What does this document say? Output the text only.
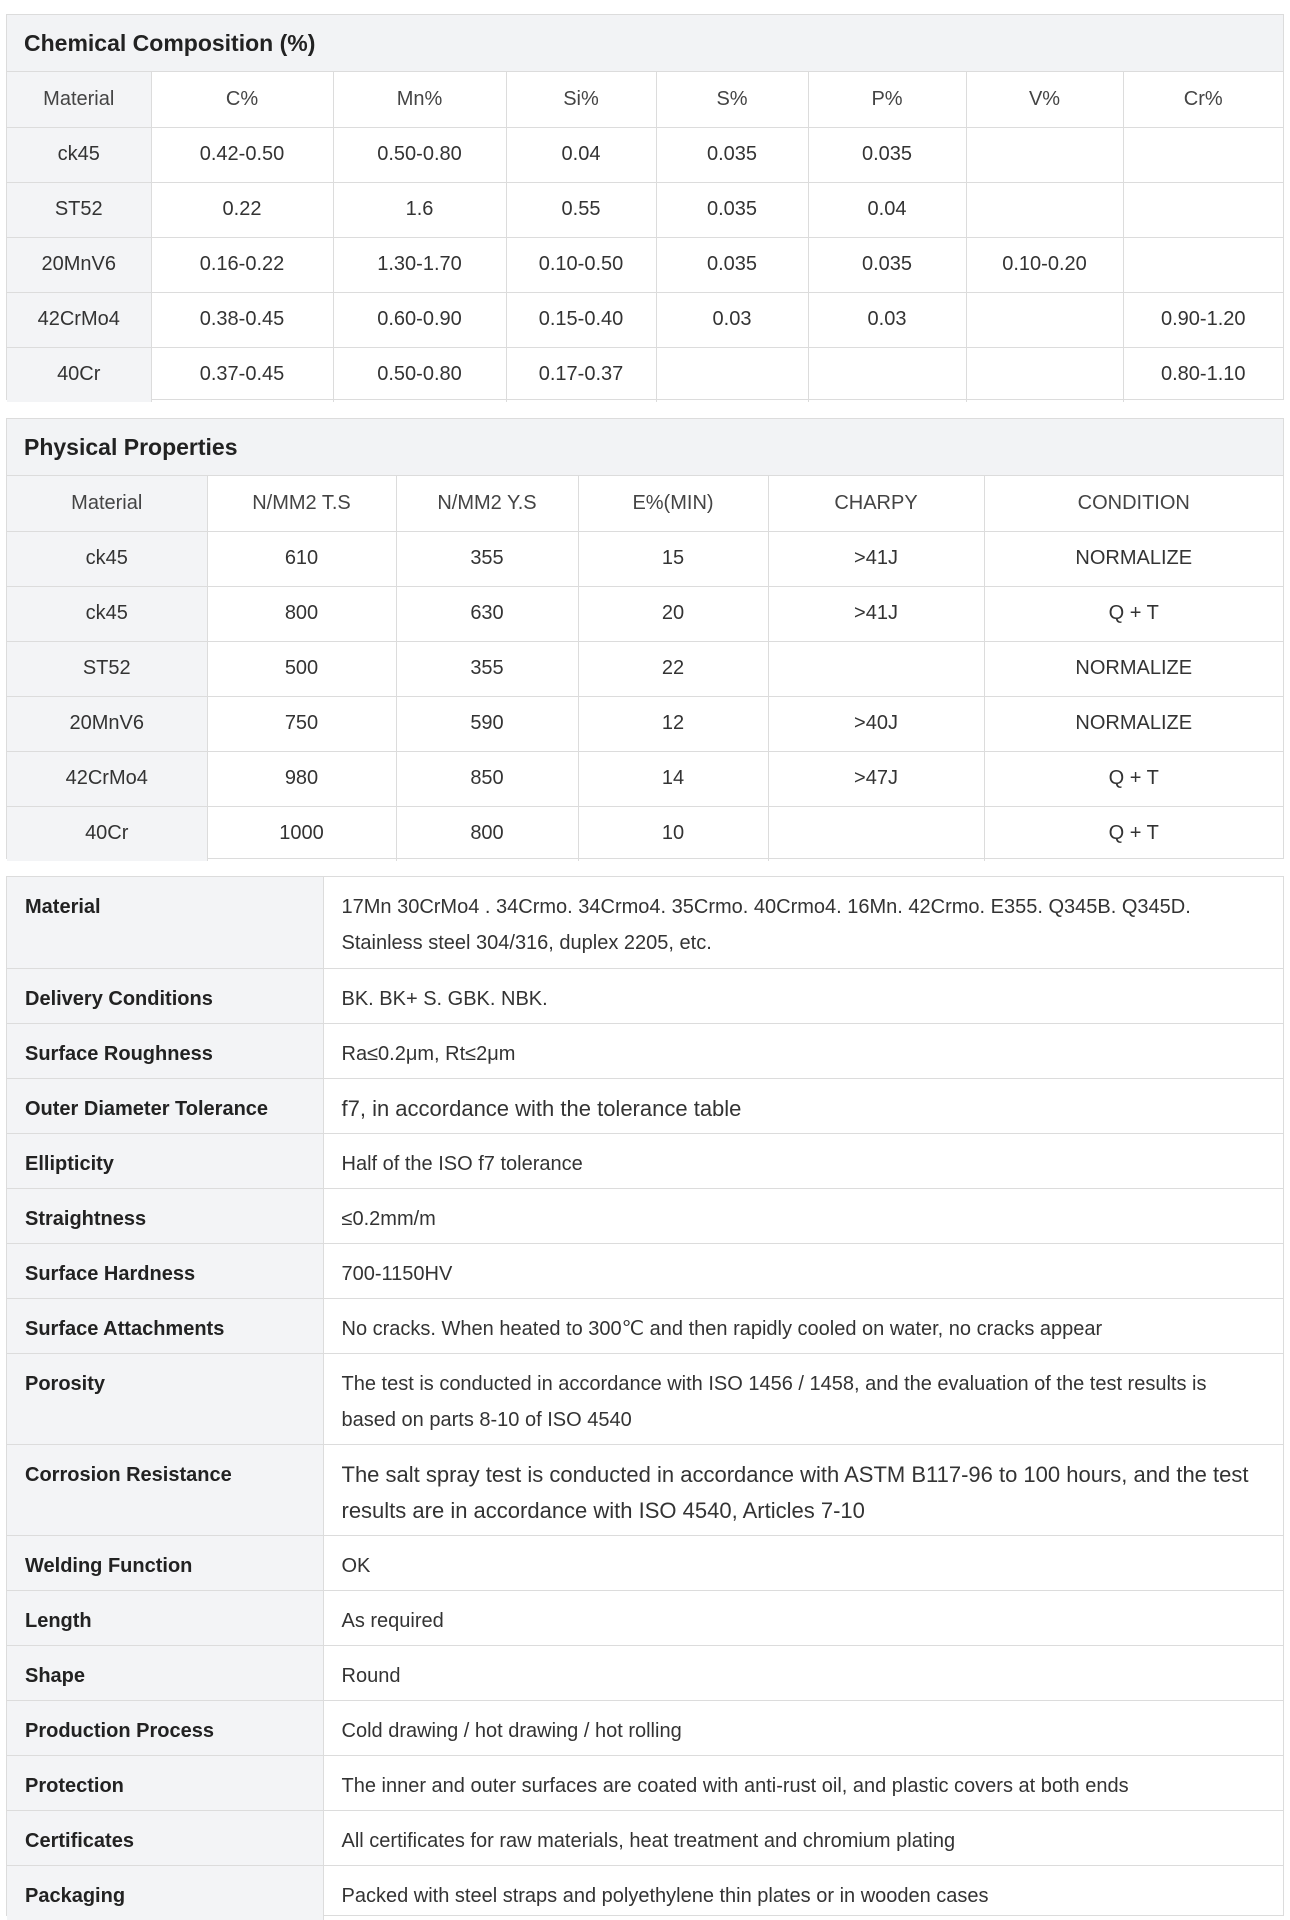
Chemical Composition (%)
Material	C%	Mn%	Si%	S%	P%	V%	Cr%
ck45	0.42-0.50	0.50-0.80	0.04	0.035	0.035		
ST52	0.22	1.6	0.55	0.035	0.04		
20MnV6	0.16-0.22	1.30-1.70	0.10-0.50	0.035	0.035	0.10-0.20	
42CrMo4	0.38-0.45	0.60-0.90	0.15-0.40	0.03	0.03		0.90-1.20
40Cr	0.37-0.45	0.50-0.80	0.17-0.37				0.80-1.10
Physical Properties
Material	N/MM2 T.S	N/MM2 Y.S	E%(MIN)	CHARPY	CONDITION
ck45	610	355	15	>41J	NORMALIZE
ck45	800	630	20	>41J	Q + T
ST52	500	355	22		NORMALIZE
20MnV6	750	590	12	>40J	NORMALIZE
42CrMo4	980	850	14	>47J	Q + T
40Cr	1000	800	10		Q + T
Material	17Mn 30CrMo4 . 34Crmo. 34Crmo4. 35Crmo. 40Crmo4. 16Mn. 42Crmo. E355. Q345B. Q345D. Stainless steel 304/316, duplex 2205, etc.
Delivery Conditions	BK. BK+ S. GBK. NBK.
Surface Roughness	Ra≤0.2μm, Rt≤2μm
Outer Diameter Tolerance	f7, in accordance with the tolerance table
Ellipticity	Half of the ISO f7 tolerance
Straightness	≤0.2mm/m
Surface Hardness	700-1150HV
Surface Attachments	No cracks. When heated to 300℃ and then rapidly cooled on water, no cracks appear
Porosity	The test is conducted in accordance with ISO 1456 / 1458, and the evaluation of the test results is based on parts 8-10 of ISO 4540
Corrosion Resistance	The salt spray test is conducted in accordance with ASTM B117-96 to 100 hours, and the test results are in accordance with ISO 4540, Articles 7-10
Welding Function	OK
Length	As required
Shape	Round
Production Process	Cold drawing / hot drawing / hot rolling
Protection	The inner and outer surfaces are coated with anti-rust oil, and plastic covers at both ends
Certificates	All certificates for raw materials, heat treatment and chromium plating
Packaging	Packed with steel straps and polyethylene thin plates or in wooden cases
